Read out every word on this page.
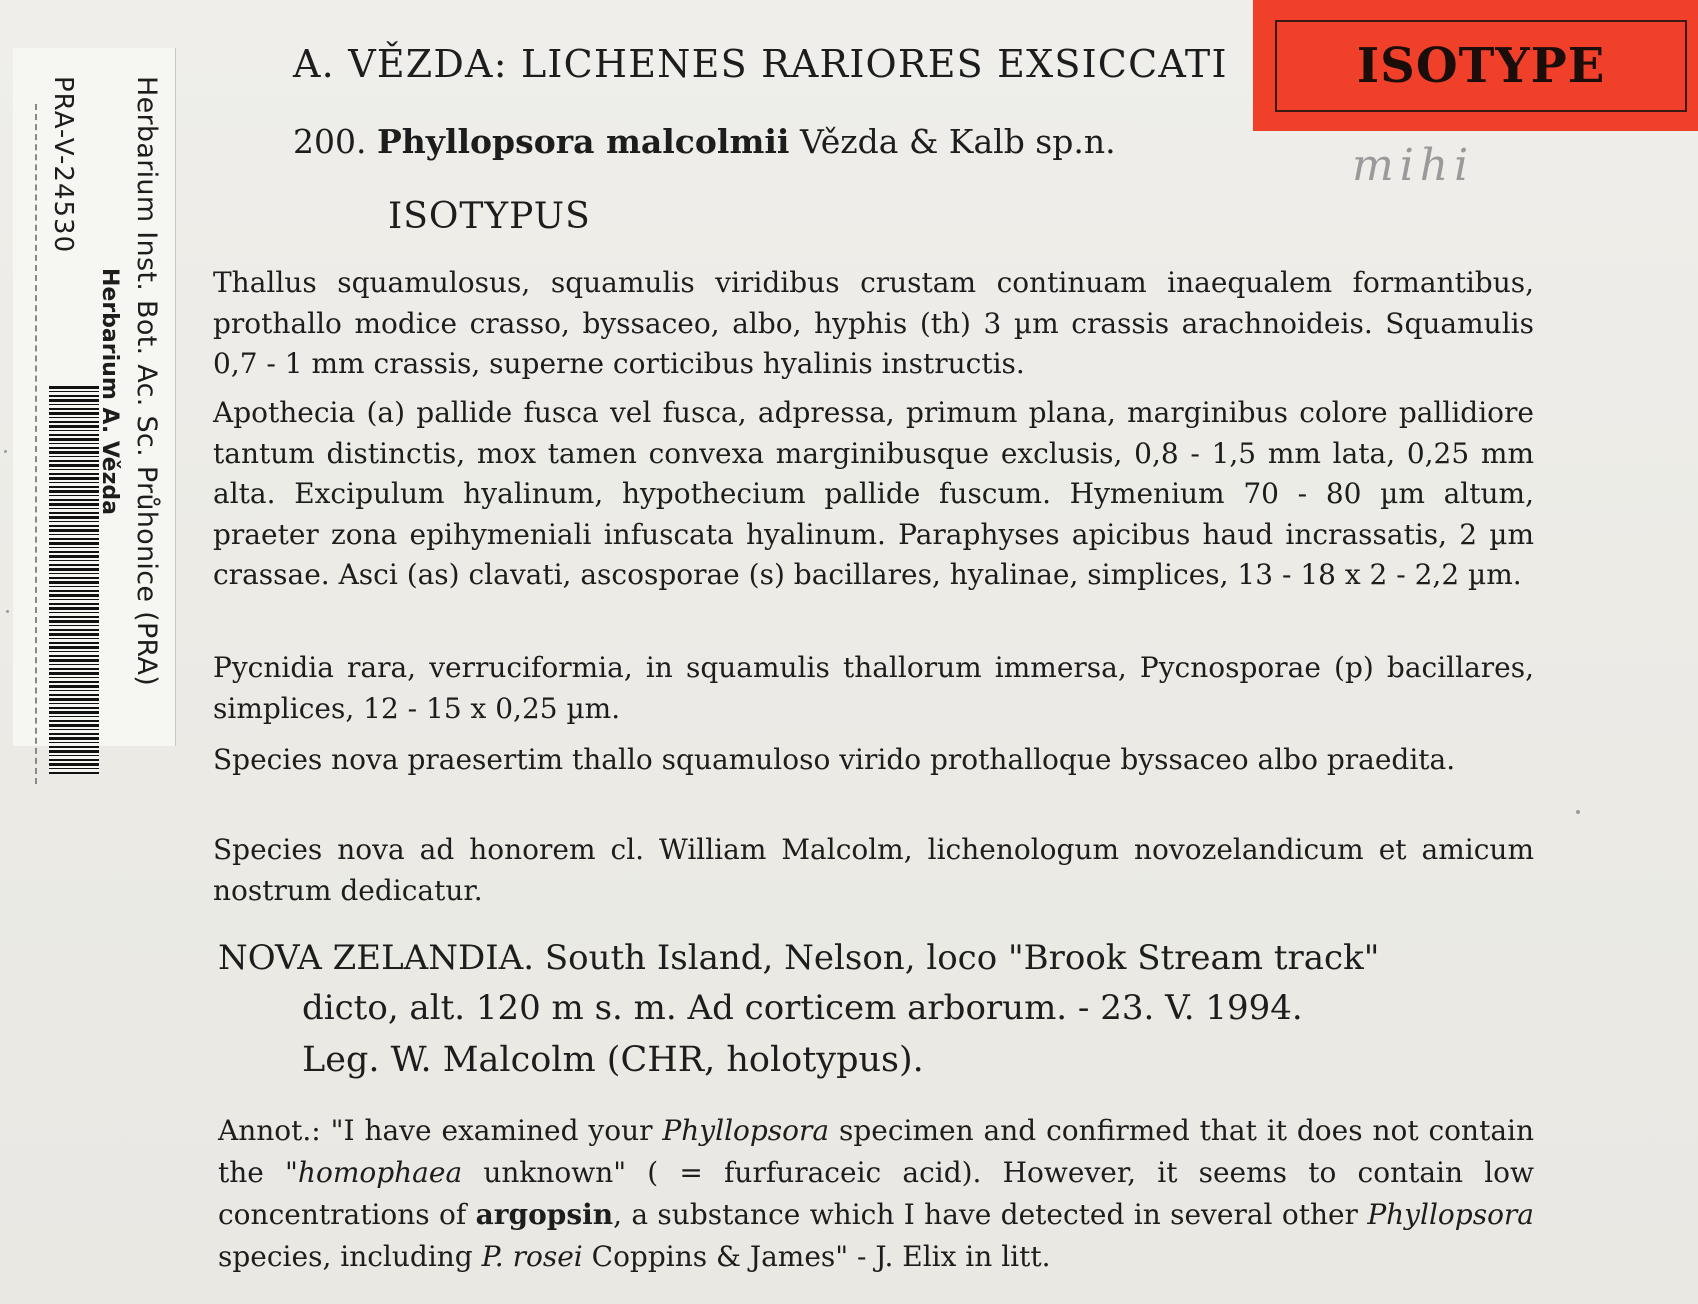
PRA-V-24530
Herbarium A. Vězda Herbarium Inst. Bot. Ac. Sc. Průhonice (PRA)
ISOTYPE
mihi
A. VĚZDA: LICHENES RARIORES EXSICCATI
200. Phyllopsora malcolmii Vězda & Kalb sp.n.
ISOTYPUS
Thallus squamulosus, squamulis viridibus crustam continuam inaequalem formantibus, prothallo modice crasso, byssaceo, albo, hyphis (th) 3 µm crassis arachnoideis. Squamulis 0,7 - 1 mm crassis, superne corticibus hyalinis instructis.
Apothecia (a) pallide fusca vel fusca, adpressa, primum plana, marginibus colore pallidiore tantum distinctis, mox tamen convexa marginibusque exclusis, 0,8 - 1,5 mm lata, 0,25 mm alta. Excipulum hyalinum, hypothecium pallide fuscum. Hymenium 70 - 80 µm altum, praeter zona epihymeniali infuscata hyalinum. Paraphyses apicibus haud incrassatis, 2 µm crassae. Asci (as) clavati, ascosporae (s) bacillares, hyalinae, simplices, 13 - 18 x 2 - 2,2 µm.
Pycnidia rara, verruciformia, in squamulis thallorum immersa, Pycnosporae (p) bacillares, simplices, 12 - 15 x 0,25 µm.
Species nova praesertim thallo squamuloso virido prothalloque byssaceo albo praedita.
Species nova ad honorem cl. William Malcolm, lichenologum novozelandicum et amicum nostrum dedicatur.
NOVA ZELANDIA. South Island, Nelson, loco "Brook Stream track"
dicto, alt. 120 m s. m. Ad corticem arborum. - 23. V. 1994.
Leg. W. Malcolm (CHR, holotypus).
Annot.: "I have examined your Phyllopsora specimen and confirmed that it does not contain the "homophaea unknown" ( = furfuraceic acid). However, it seems to contain low concentrations of argopsin, a substance which I have detected in several other Phyllopsora species, including P. rosei Coppins & James" - J. Elix in litt.
